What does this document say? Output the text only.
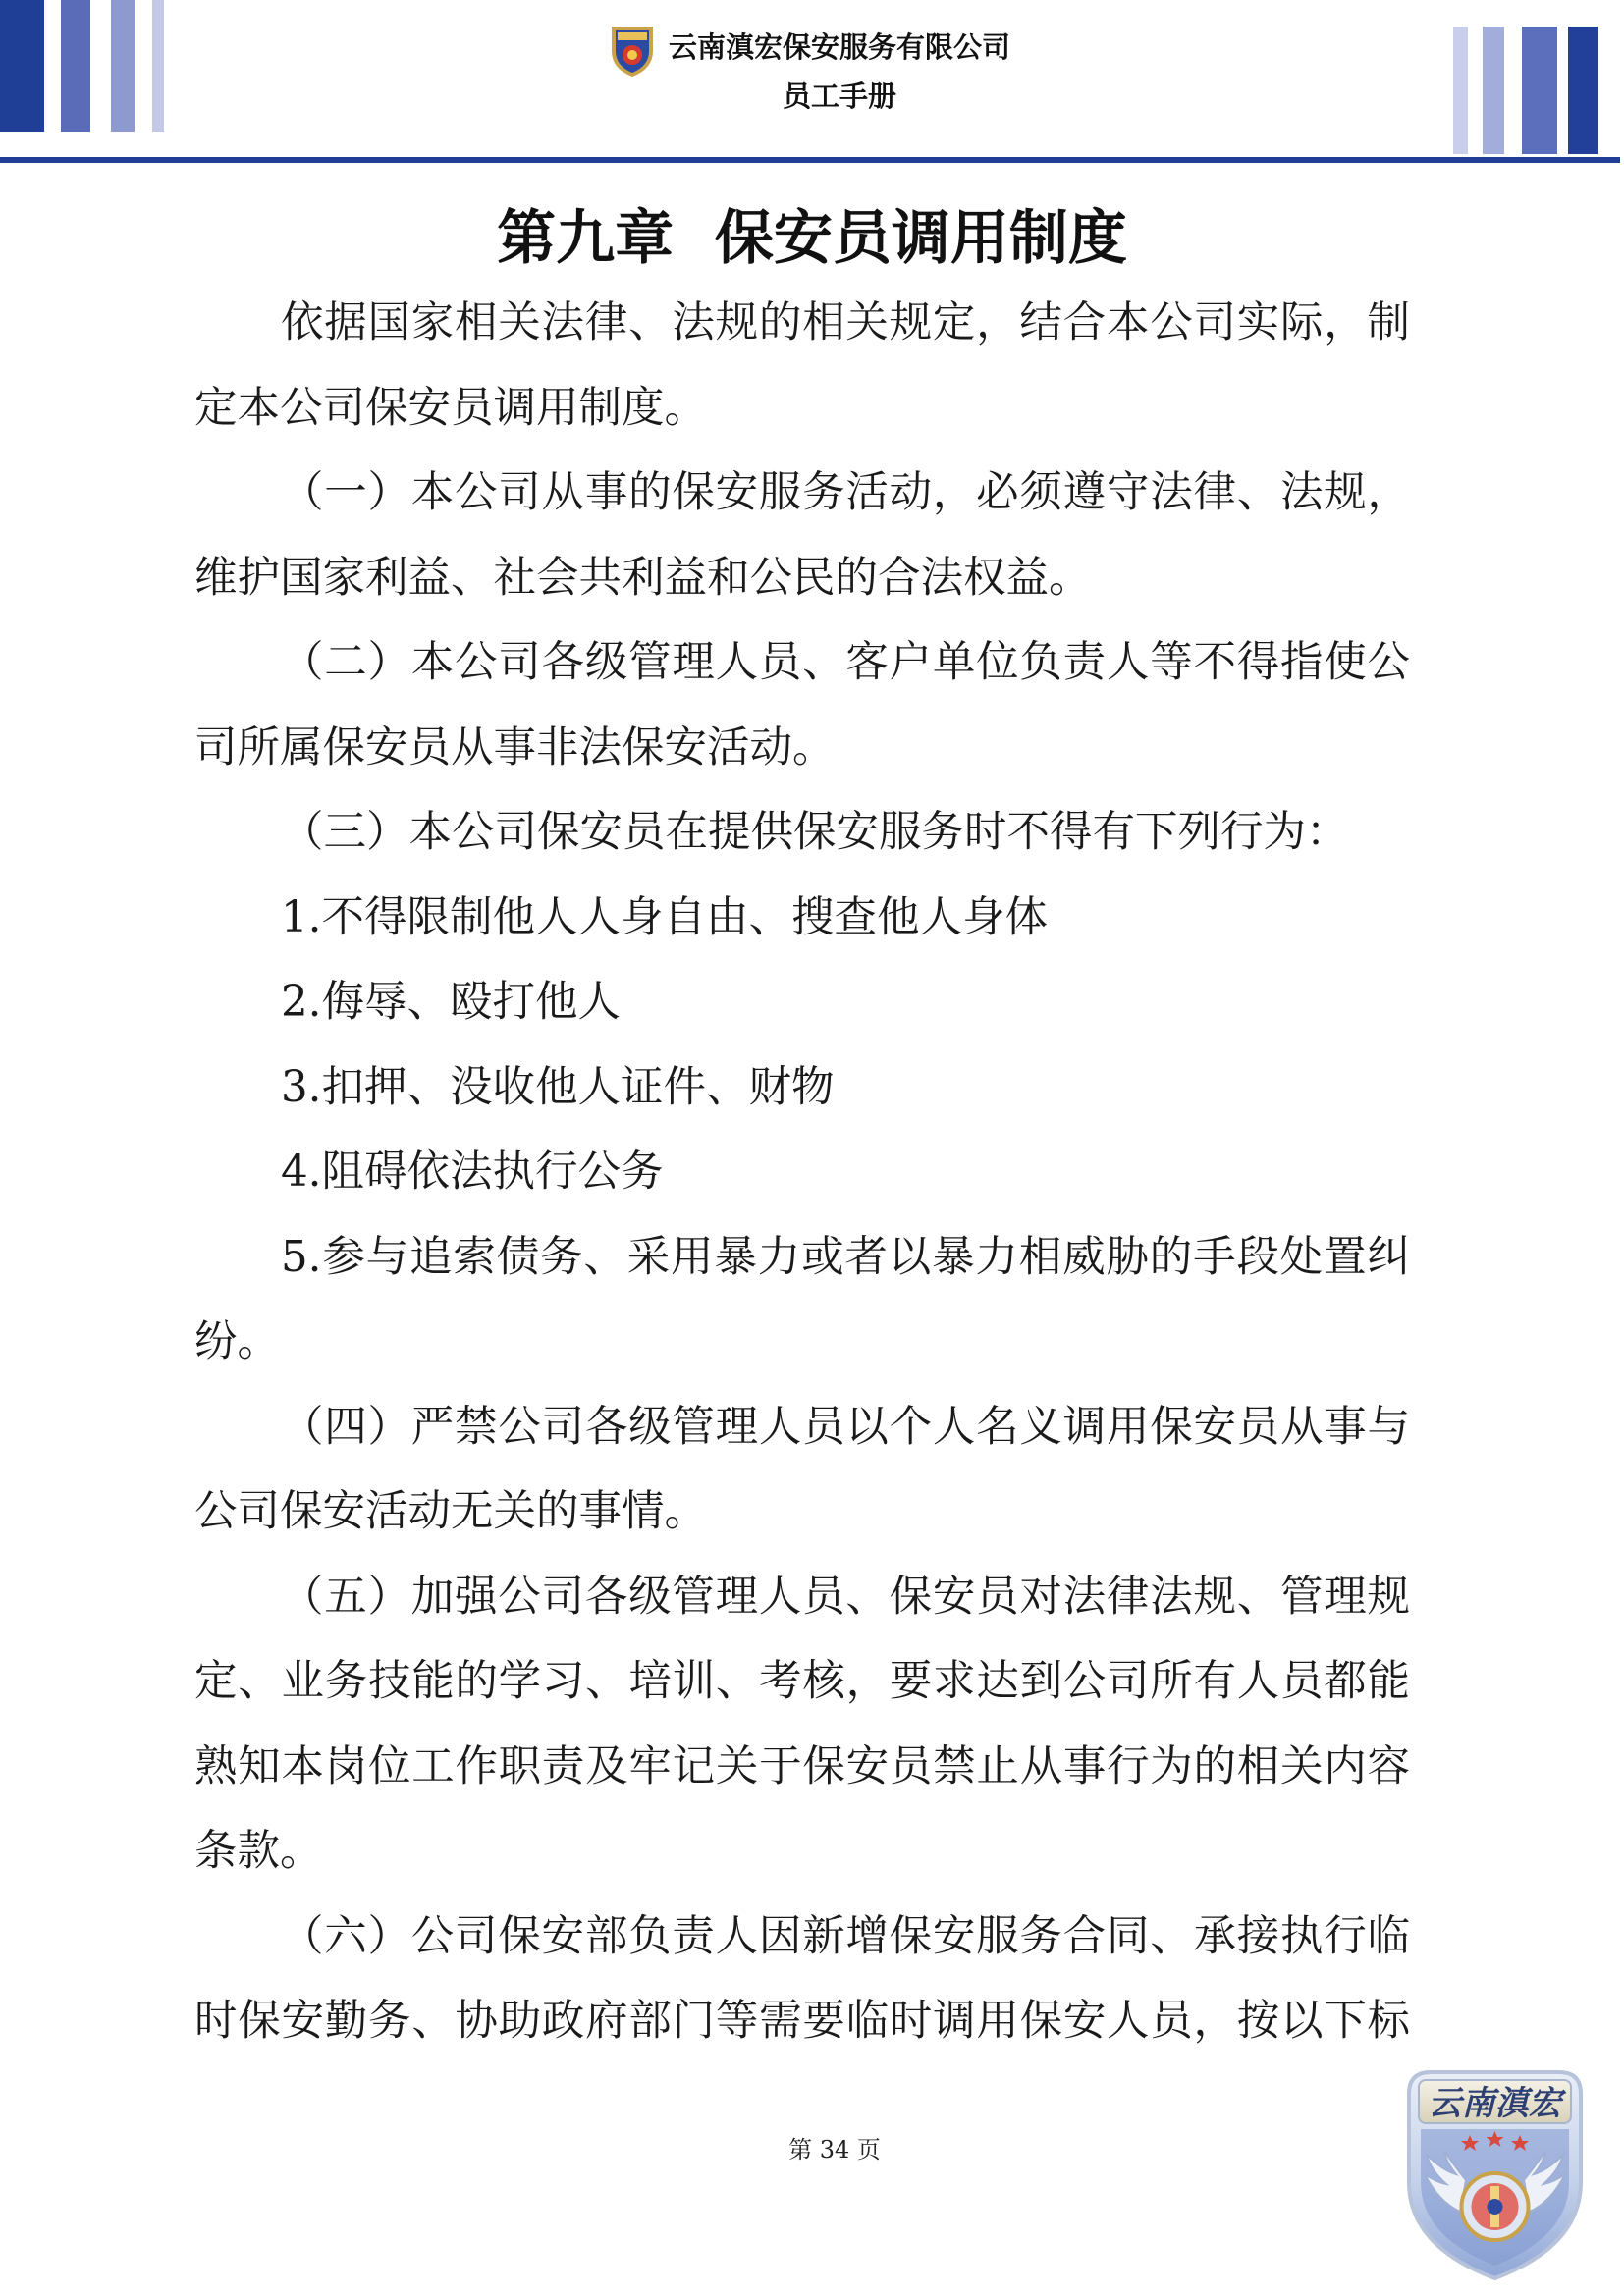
云南滇宏保安服务有限公司
员工手册
第九章  保安员调用制度
依据国家相关法律、法规的相关规定，结合本公司实际，制
定本公司保安员调用制度。
（一）本公司从事的保安服务活动，必须遵守法律、法规，
维护国家利益、社会共利益和公民的合法权益。
（二）本公司各级管理人员、客户单位负责人等不得指使公
司所属保安员从事非法保安活动。
（三）本公司保安员在提供保安服务时不得有下列行为：
1.不得限制他人人身自由、搜查他人身体
2.侮辱、殴打他人
3.扣押、没收他人证件、财物
4.阻碍依法执行公务
5.参与追索债务、采用暴力或者以暴力相威胁的手段处置纠
纷。
（四）严禁公司各级管理人员以个人名义调用保安员从事与
公司保安活动无关的事情。
（五）加强公司各级管理人员、保安员对法律法规、管理规
定、业务技能的学习、培训、考核，要求达到公司所有人员都能
熟知本岗位工作职责及牢记关于保安员禁止从事行为的相关内容
条款。
（六）公司保安部负责人因新增保安服务合同、承接执行临
时保安勤务、协助政府部门等需要临时调用保安人员，按以下标
第 34 页
云南滇宏
